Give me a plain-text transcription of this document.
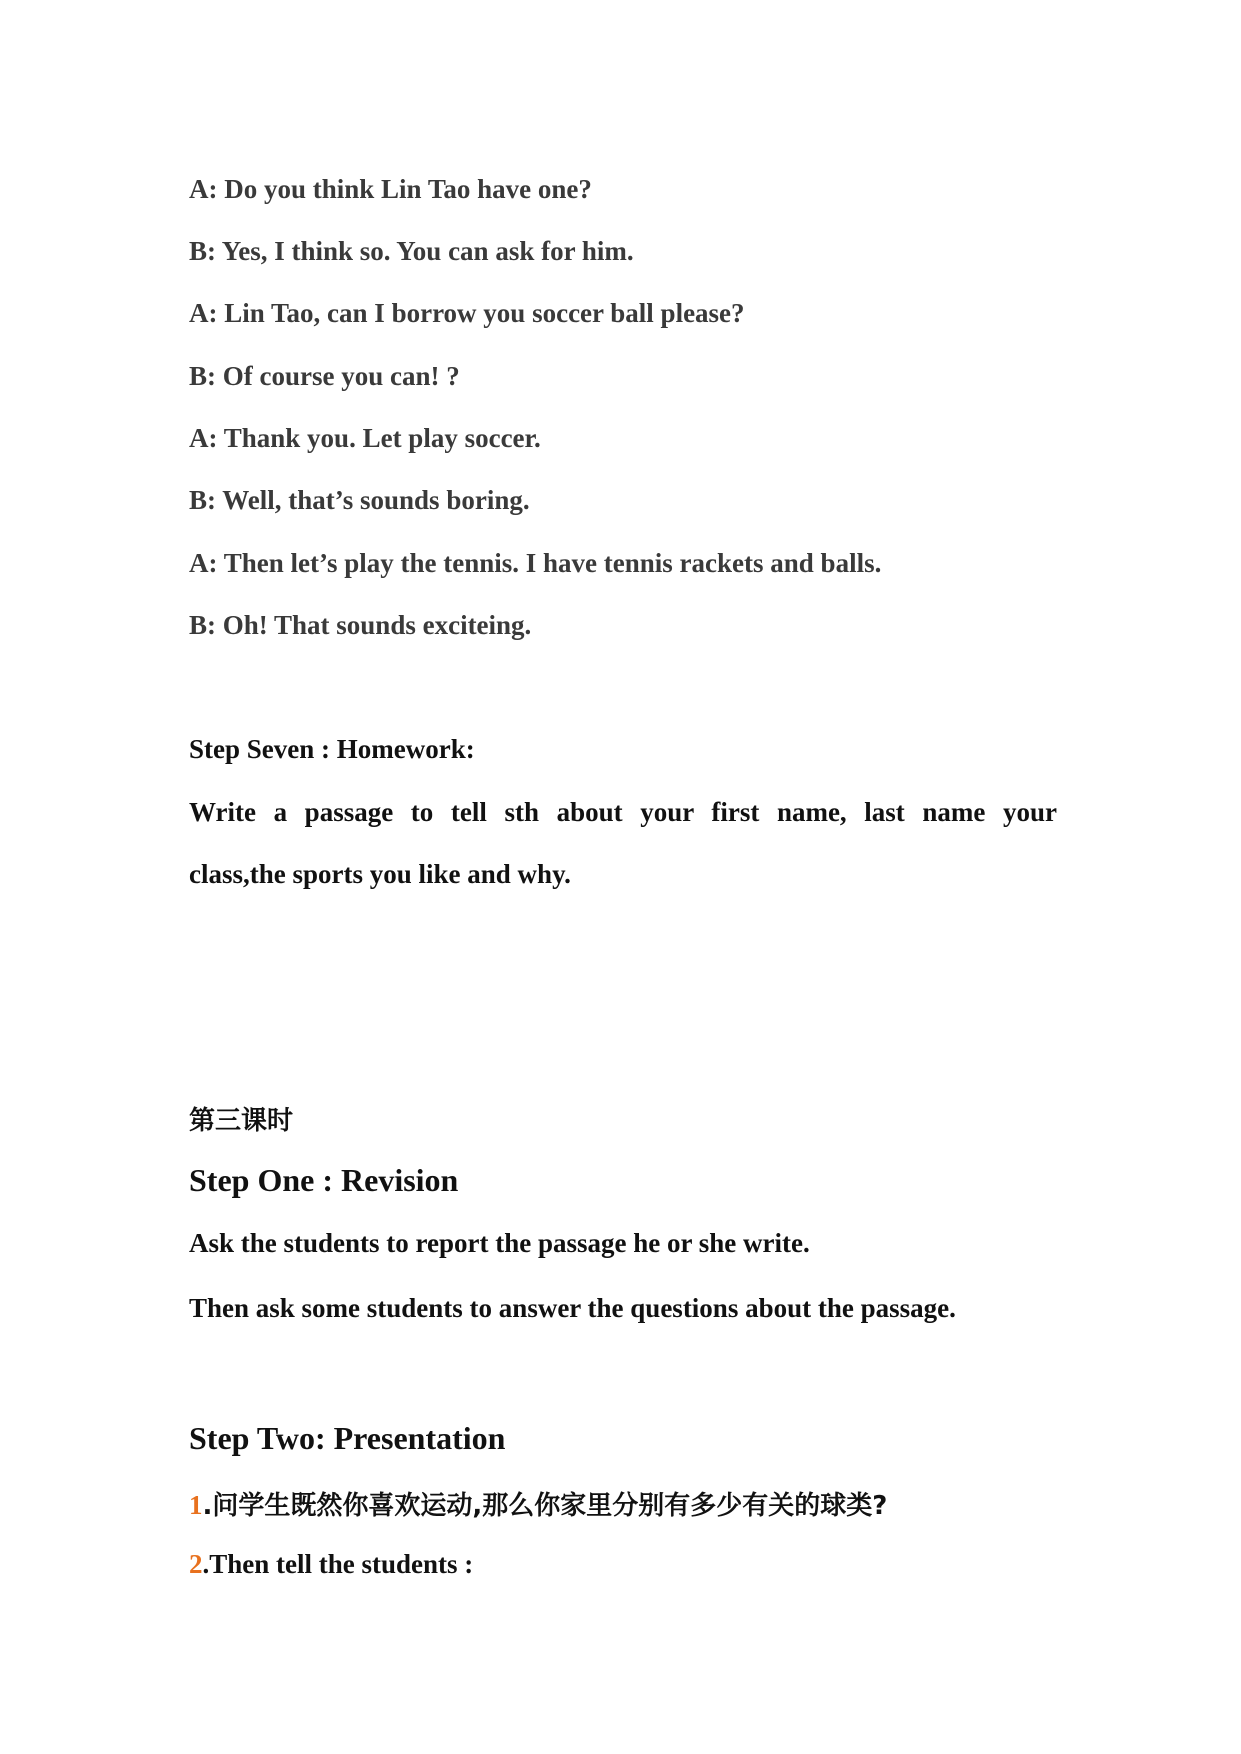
A: Do you think Lin Tao have one?

B: Yes, I think so. You can ask for him.

A: Lin Tao, can I borrow you soccer ball please?

B: Of course you can! ?

A: Thank you. Let play soccer.

B: Well, that’s sounds boring.

A: Then let’s play the tennis. I have tennis rackets and balls.

B: Oh! That sounds exciteing.

Step Seven : Homework:

Write a passage to tell sth about your first name, last name your

class,the sports you like and why.

第三课时

Step One : Revision

Ask the students to report the passage he or she write.

Then ask some students to answer the questions about the passage.

Step Two: Presentation

1.问学生既然你喜欢运动,那么你家里分别有多少有关的球类?

2.Then tell the students :
